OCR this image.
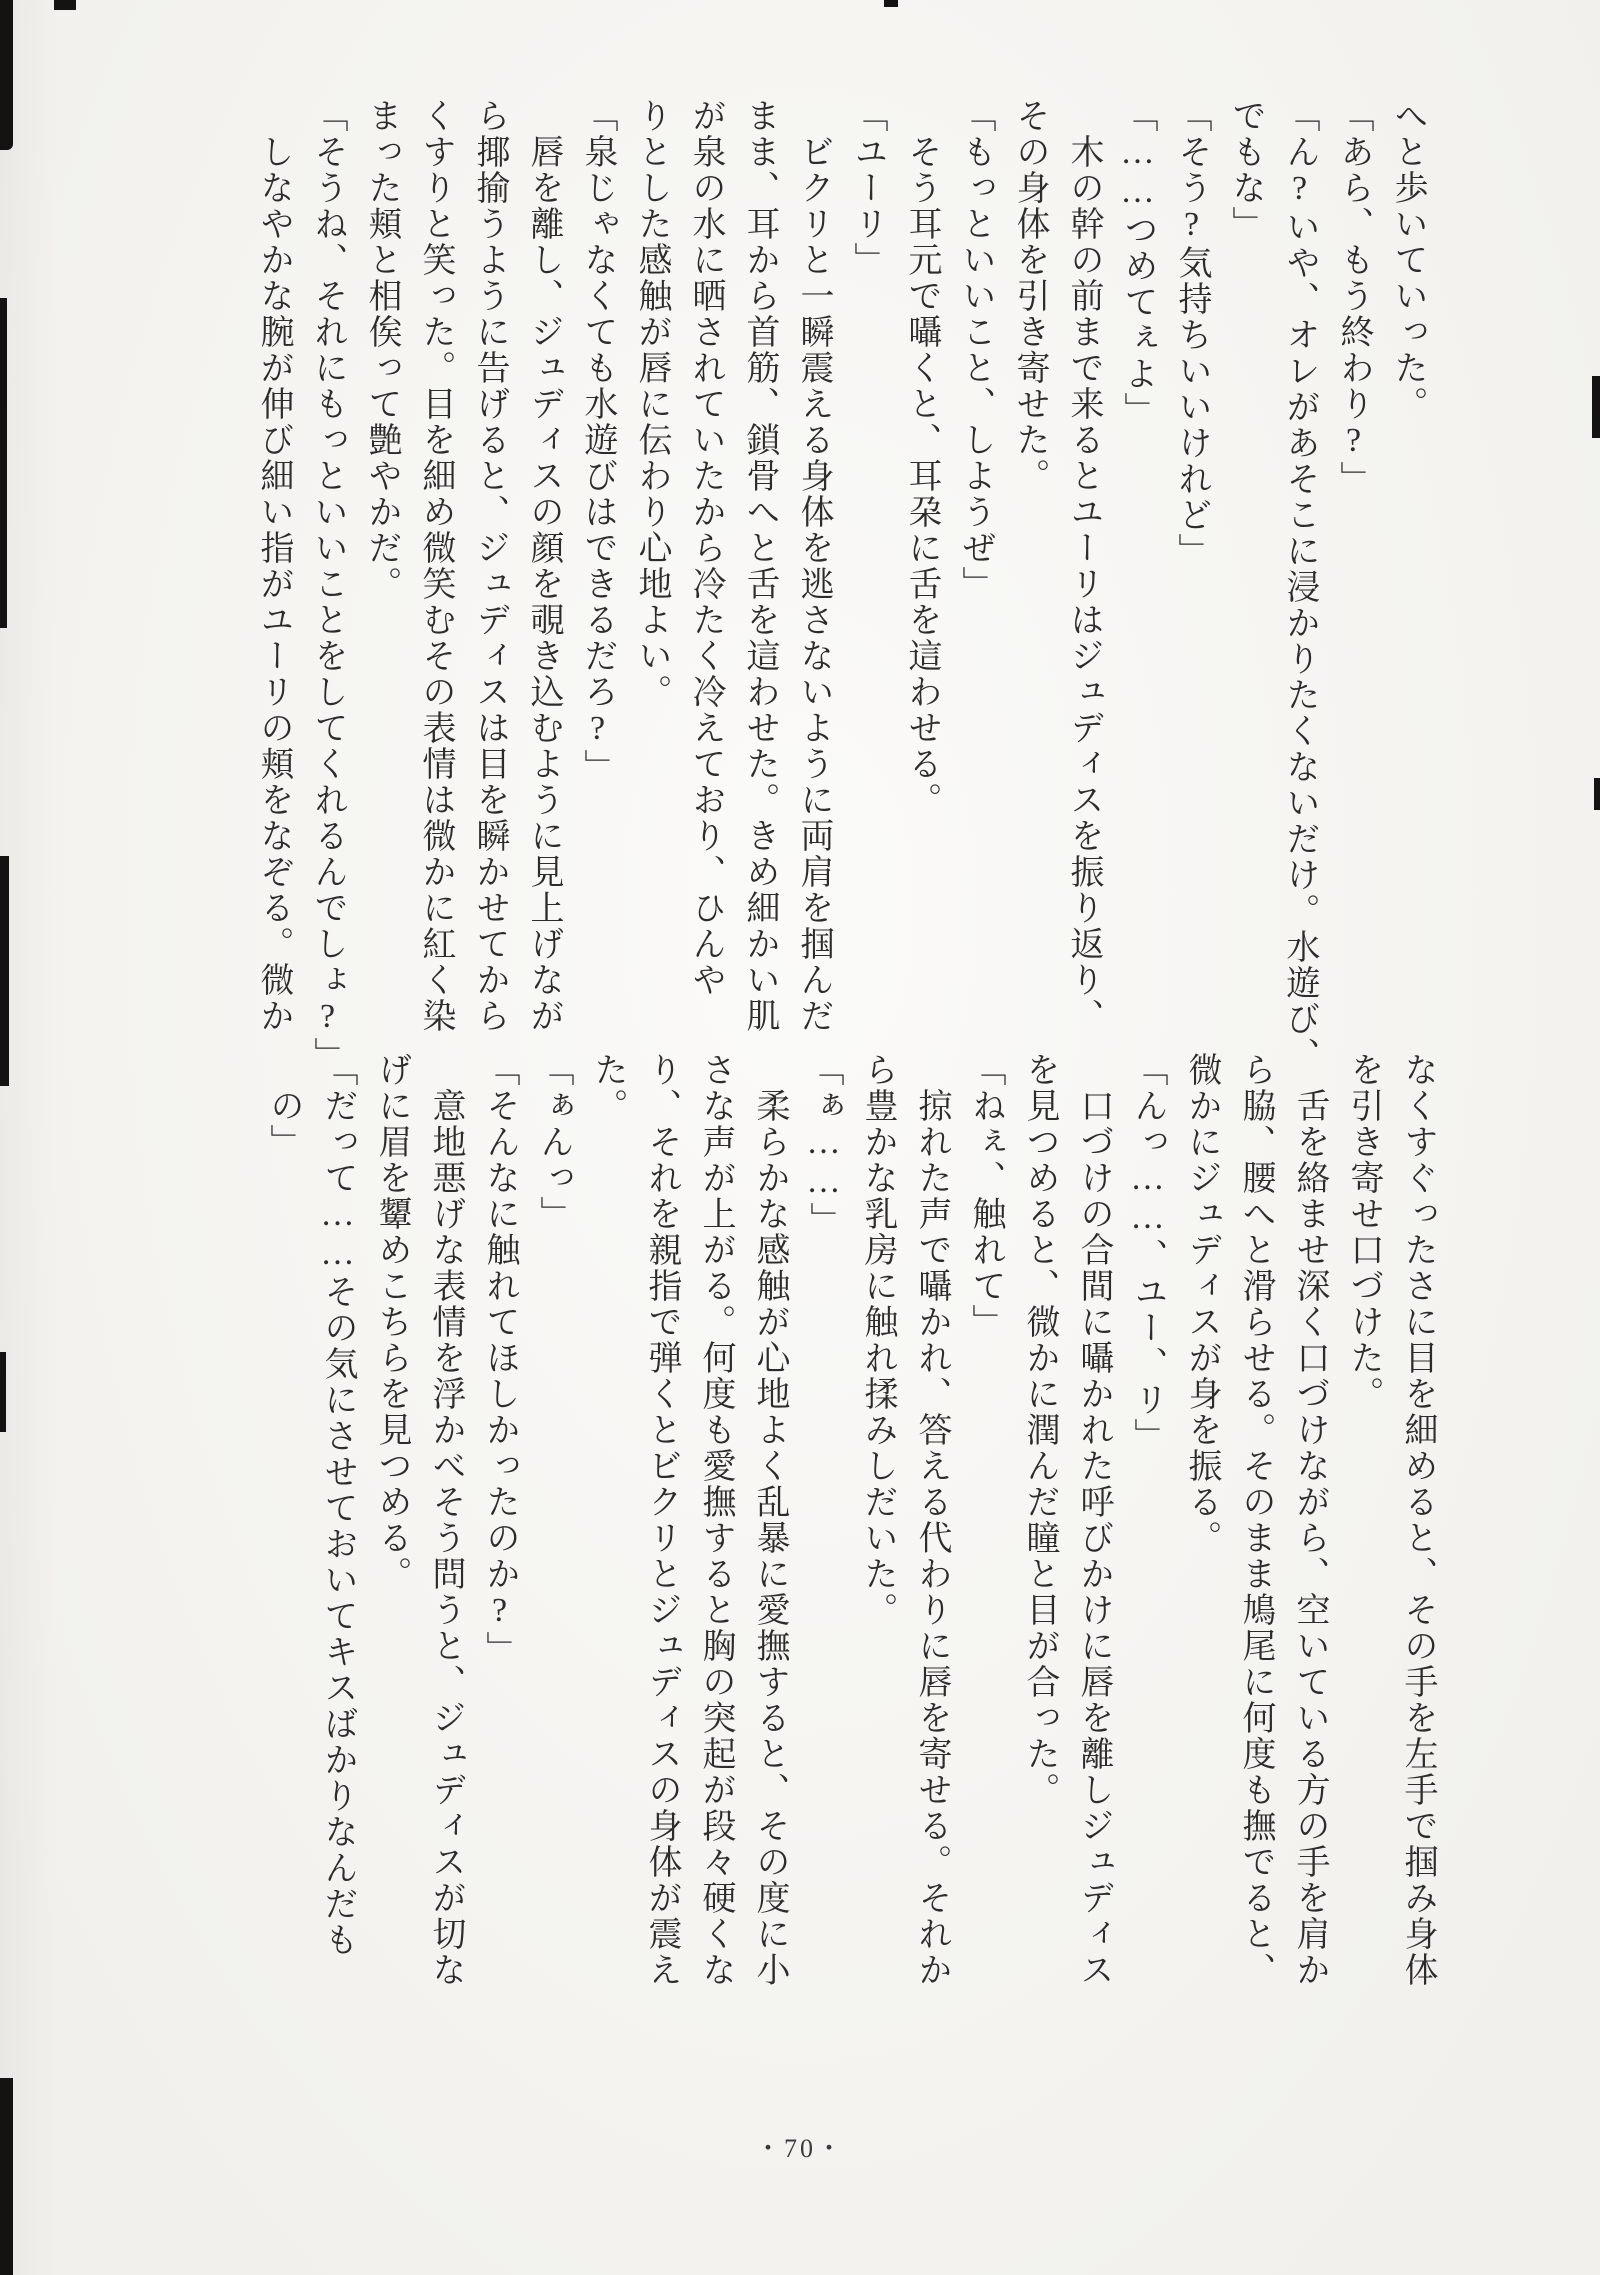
へと歩いていった。
「あら、もう終わり?」
「ん?いや、オレがあそこに浸かりたくないだけ。水遊び、
でもな」
「そう?気持ちいいけれど」
「……つめてぇよ」
木の幹の前まで来るとユーリはジュディスを振り返り、
その身体を引き寄せた。
「もっといいこと、しようぜ」
そう耳元で囁くと、耳朶に舌を這わせる。
「ユーリ」
ビクリと一瞬震える身体を逃さないように両肩を掴んだ
まま、耳から首筋、鎖骨へと舌を這わせた。きめ細かい肌
が泉の水に晒されていたから冷たく冷えており、ひんや
りとした感触が唇に伝わり心地よい。
「泉じゃなくても水遊びはできるだろ?」
唇を離し、ジュディスの顔を覗き込むように見上げなが
ら揶揄うように告げると、ジュディスは目を瞬かせてから
くすりと笑った。目を細め微笑むその表情は微かに紅く染
まった頬と相俟って艶やかだ。
「そうね、それにもっといいことをしてくれるんでしょ?」
しなやかな腕が伸び細い指がユーリの頬をなぞる。微か
なくすぐったさに目を細めると、その手を左手で掴み身体
を引き寄せ口づけた。
舌を絡ませ深く口づけながら、空いている方の手を肩か
ら脇、腰へと滑らせる。そのまま鳩尾に何度も撫でると、
微かにジュディスが身を振る。
「んっ……、ユー、リ」
口づけの合間に囁かれた呼びかけに唇を離しジュディス
を見つめると、微かに潤んだ瞳と目が合った。
「ねぇ、触れて」
掠れた声で囁かれ、答える代わりに唇を寄せる。それか
ら豊かな乳房に触れ揉みしだいた。
「ぁ……」
柔らかな感触が心地よく乱暴に愛撫すると、その度に小
さな声が上がる。何度も愛撫すると胸の突起が段々硬くな
り、それを親指で弾くとビクリとジュディスの身体が震え
た。
「ぁんっ」
「そんなに触れてほしかったのか?」
意地悪げな表情を浮かべそう問うと、ジュディスが切な
げに眉を顰めこちらを見つめる。
「だって……その気にさせておいてキスばかりなんだも
の」
・70・
